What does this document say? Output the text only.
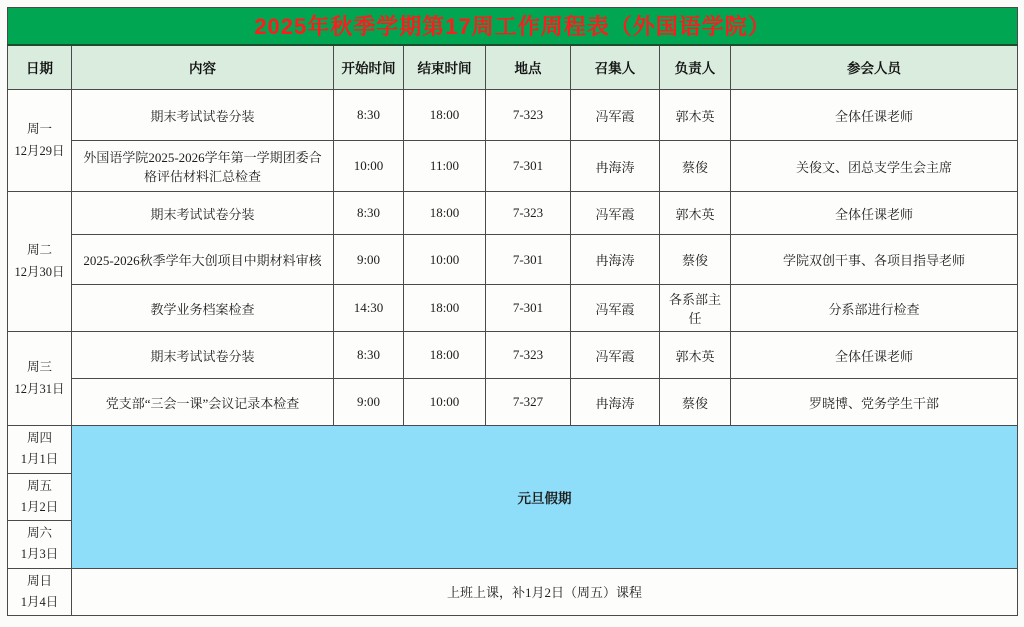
2025年秋季学期第17周工作周程表（外国语学院）							
日期	内容	开始时间	结束时间	地点	召集人	负责人	参会人员

周一
12月29日	期末考试试卷分装	8:30	18:00	7-323	冯军霞	郭木英	全体任课老师
	外国语学院2025-2026学年第一学期团委合格评估材料汇总检查	10:00	11:00	7-301	冉海涛	蔡俊	关俊文、团总支学生会主席

周二
12月30日	期末考试试卷分装	8:30	18:00	7-323	冯军霞	郭木英	全体任课老师
	2025-2026秋季学年大创项目中期材料审核	9:00	10:00	7-301	冉海涛	蔡俊	学院双创干事、各项目指导老师
	教学业务档案检查	14:30	18:00	7-301	冯军霞	各系部主任	分系部进行检查

周三
12月31日	期末考试试卷分装	8:30	18:00	7-323	冯军霞	郭木英	全体任课老师
	党支部“三会一课”会议记录本检查	9:00	10:00	7-327	冉海涛	蔡俊	罗晓博、党务学生干部

周四
1月1日	元旦假期						

周五
1月2日							

周六
1月3日							

周日
1月4日	上班上课，补1月2日（周五）课程						
